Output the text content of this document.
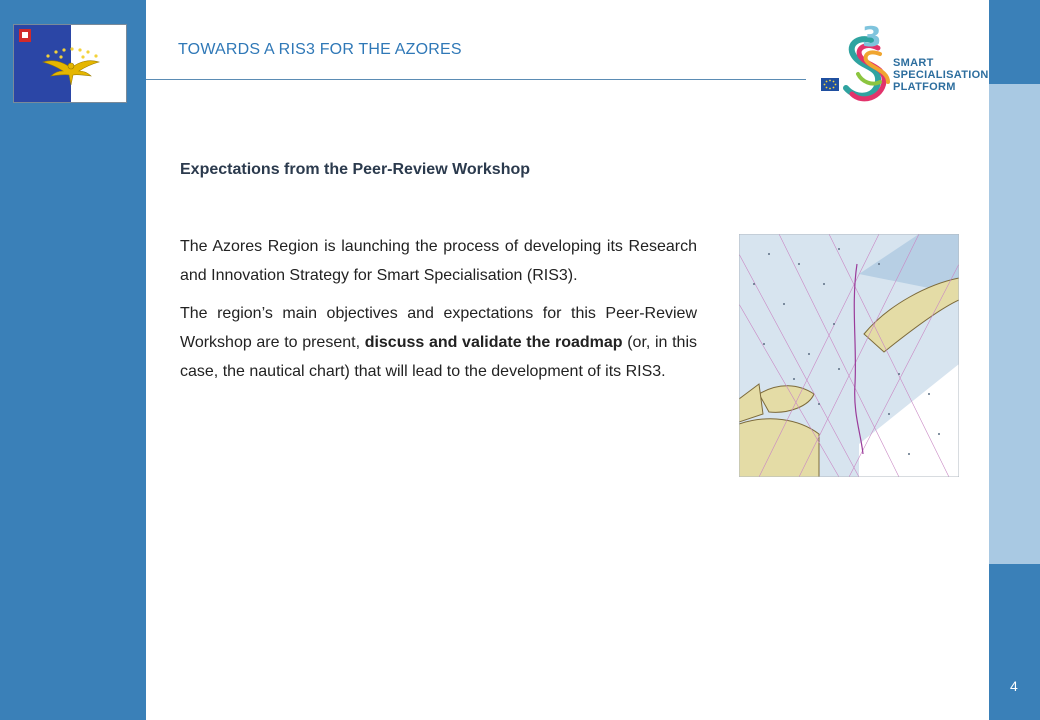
TOWARDS A RIS3 FOR THE AZORES	3
SMART
SPECIALISATION
PLATFORM
Expectations from the Peer-Review Workshop

The Azores Region is launching the process of developing its Research and Innovation Strategy for Smart Specialisation (RIS3).

The region’s main objectives and expectations for this Peer-Review Workshop are to present, discuss and validate the roadmap (or, in this case, the nautical chart) that will lead to the development of its RIS3.

4
